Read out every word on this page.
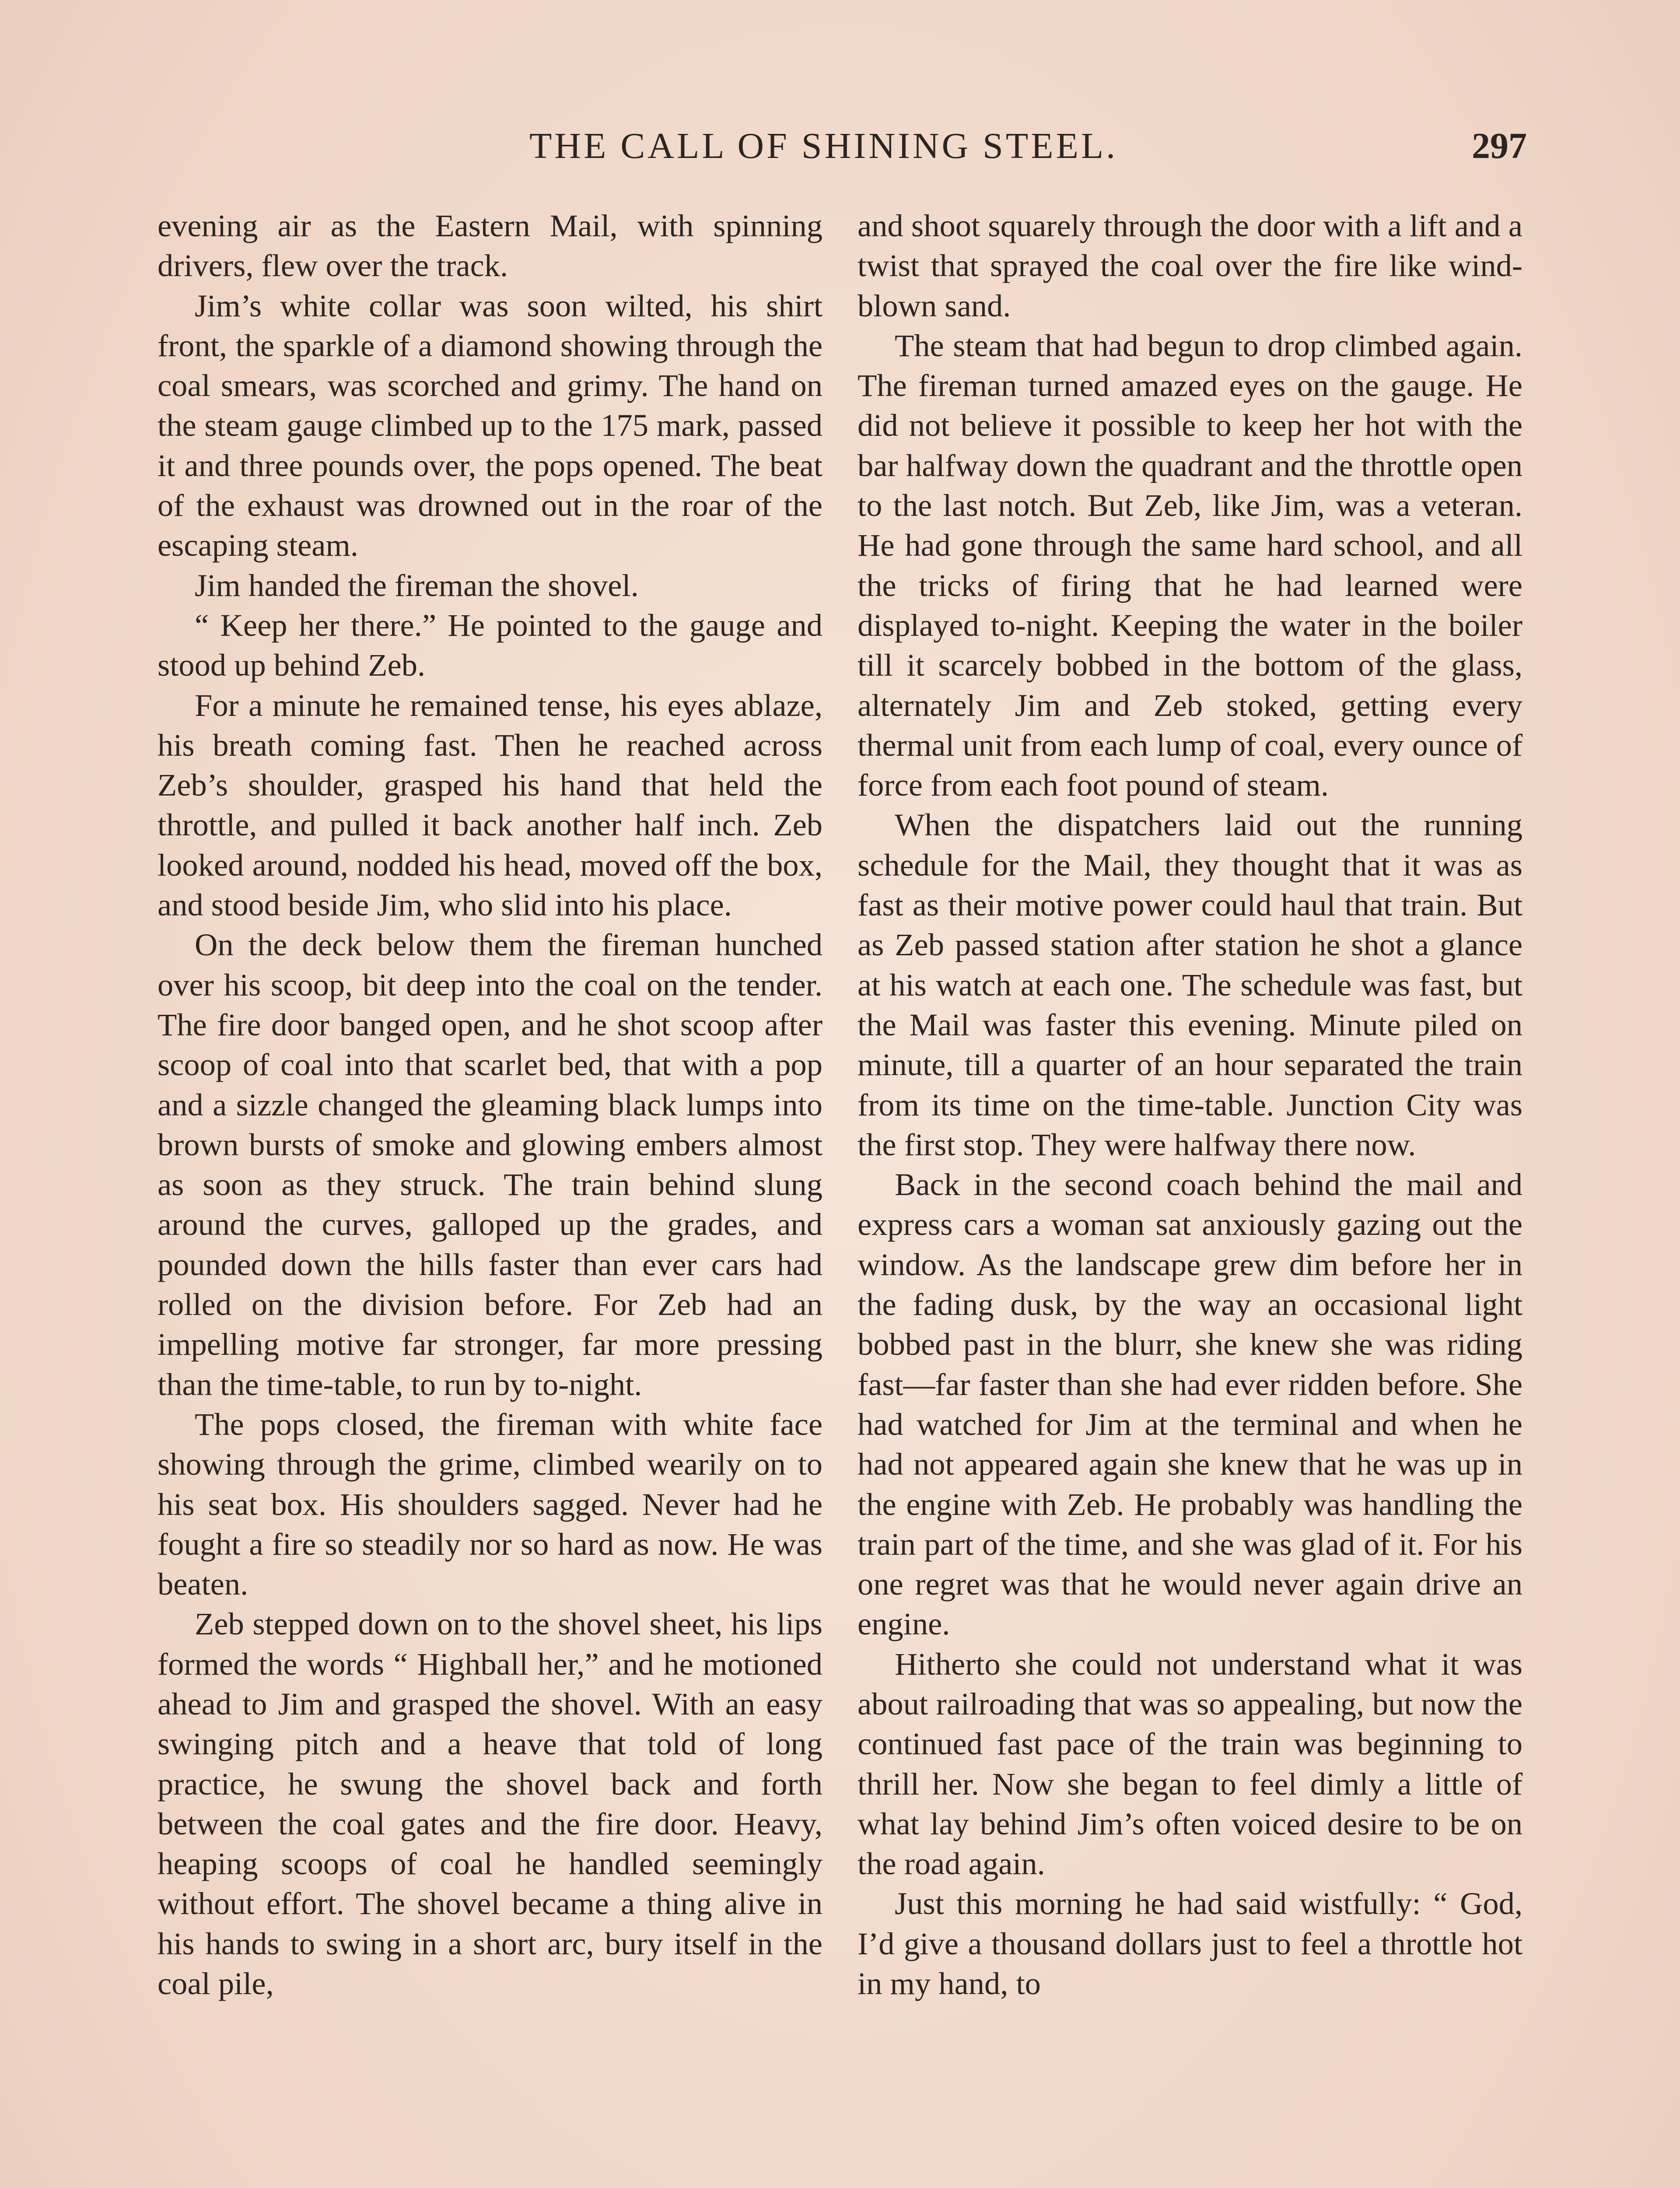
THE CALL OF SHINING STEEL.	297

evening air as the Eastern Mail, with spinning drivers, flew over the track.

Jim’s white collar was soon wilted, his shirt front, the sparkle of a diamond showing through the coal smears, was scorched and grimy. The hand on the steam gauge climbed up to the 175 mark, passed it and three pounds over, the pops opened. The beat of the exhaust was drowned out in the roar of the escaping steam.

Jim handed the fireman the shovel.

“ Keep her there.” He pointed to the gauge and stood up behind Zeb.

For a minute he remained tense, his eyes ablaze, his breath coming fast. Then he reached across Zeb’s shoulder, grasped his hand that held the throttle, and pulled it back another half inch. Zeb looked around, nodded his head, moved off the box, and stood beside Jim, who slid into his place.

On the deck below them the fireman hunched over his scoop, bit deep into the coal on the tender. The fire door banged open, and he shot scoop after scoop of coal into that scarlet bed, that with a pop and a sizzle changed the gleaming black lumps into brown bursts of smoke and glowing embers almost as soon as they struck. The train behind slung around the curves, galloped up the grades, and pounded down the hills faster than ever cars had rolled on the division before. For Zeb had an impelling motive far stronger, far more pressing than the time-table, to run by to-night.

The pops closed, the fireman with white face showing through the grime, climbed wearily on to his seat box. His shoulders sagged. Never had he fought a fire so steadily nor so hard as now. He was beaten.

Zeb stepped down on to the shovel sheet, his lips formed the words “ Highball her,” and he motioned ahead to Jim and grasped the shovel. With an easy swinging pitch and a heave that told of long practice, he swung the shovel back and forth between the coal gates and the fire door. Heavy, heaping scoops of coal he handled seemingly without effort. The shovel became a thing alive in his hands to swing in a short arc, bury itself in the coal pile,

and shoot squarely through the door with a lift and a twist that sprayed the coal over the fire like wind-blown sand.

The steam that had begun to drop climbed again. The fireman turned amazed eyes on the gauge. He did not believe it possible to keep her hot with the bar halfway down the quadrant and the throttle open to the last notch. But Zeb, like Jim, was a veteran. He had gone through the same hard school, and all the tricks of firing that he had learned were displayed to-night. Keeping the water in the boiler till it scarcely bobbed in the bottom of the glass, alternately Jim and Zeb stoked, getting every thermal unit from each lump of coal, every ounce of force from each foot pound of steam.

When the dispatchers laid out the running schedule for the Mail, they thought that it was as fast as their motive power could haul that train. But as Zeb passed station after station he shot a glance at his watch at each one. The schedule was fast, but the Mail was faster this evening. Minute piled on minute, till a quarter of an hour separated the train from its time on the time-table. Junction City was the first stop. They were halfway there now.

Back in the second coach behind the mail and express cars a woman sat anxiously gazing out the window. As the landscape grew dim before her in the fading dusk, by the way an occasional light bobbed past in the blurr, she knew she was riding fast—far faster than she had ever ridden before. She had watched for Jim at the terminal and when he had not appeared again she knew that he was up in the engine with Zeb. He probably was handling the train part of the time, and she was glad of it. For his one regret was that he would never again drive an engine.

Hitherto she could not understand what it was about railroading that was so appealing, but now the continued fast pace of the train was beginning to thrill her. Now she began to feel dimly a little of what lay behind Jim’s often voiced desire to be on the road again.

Just this morning he had said wistfully: “ God, I’d give a thousand dollars just to feel a throttle hot in my hand, to
